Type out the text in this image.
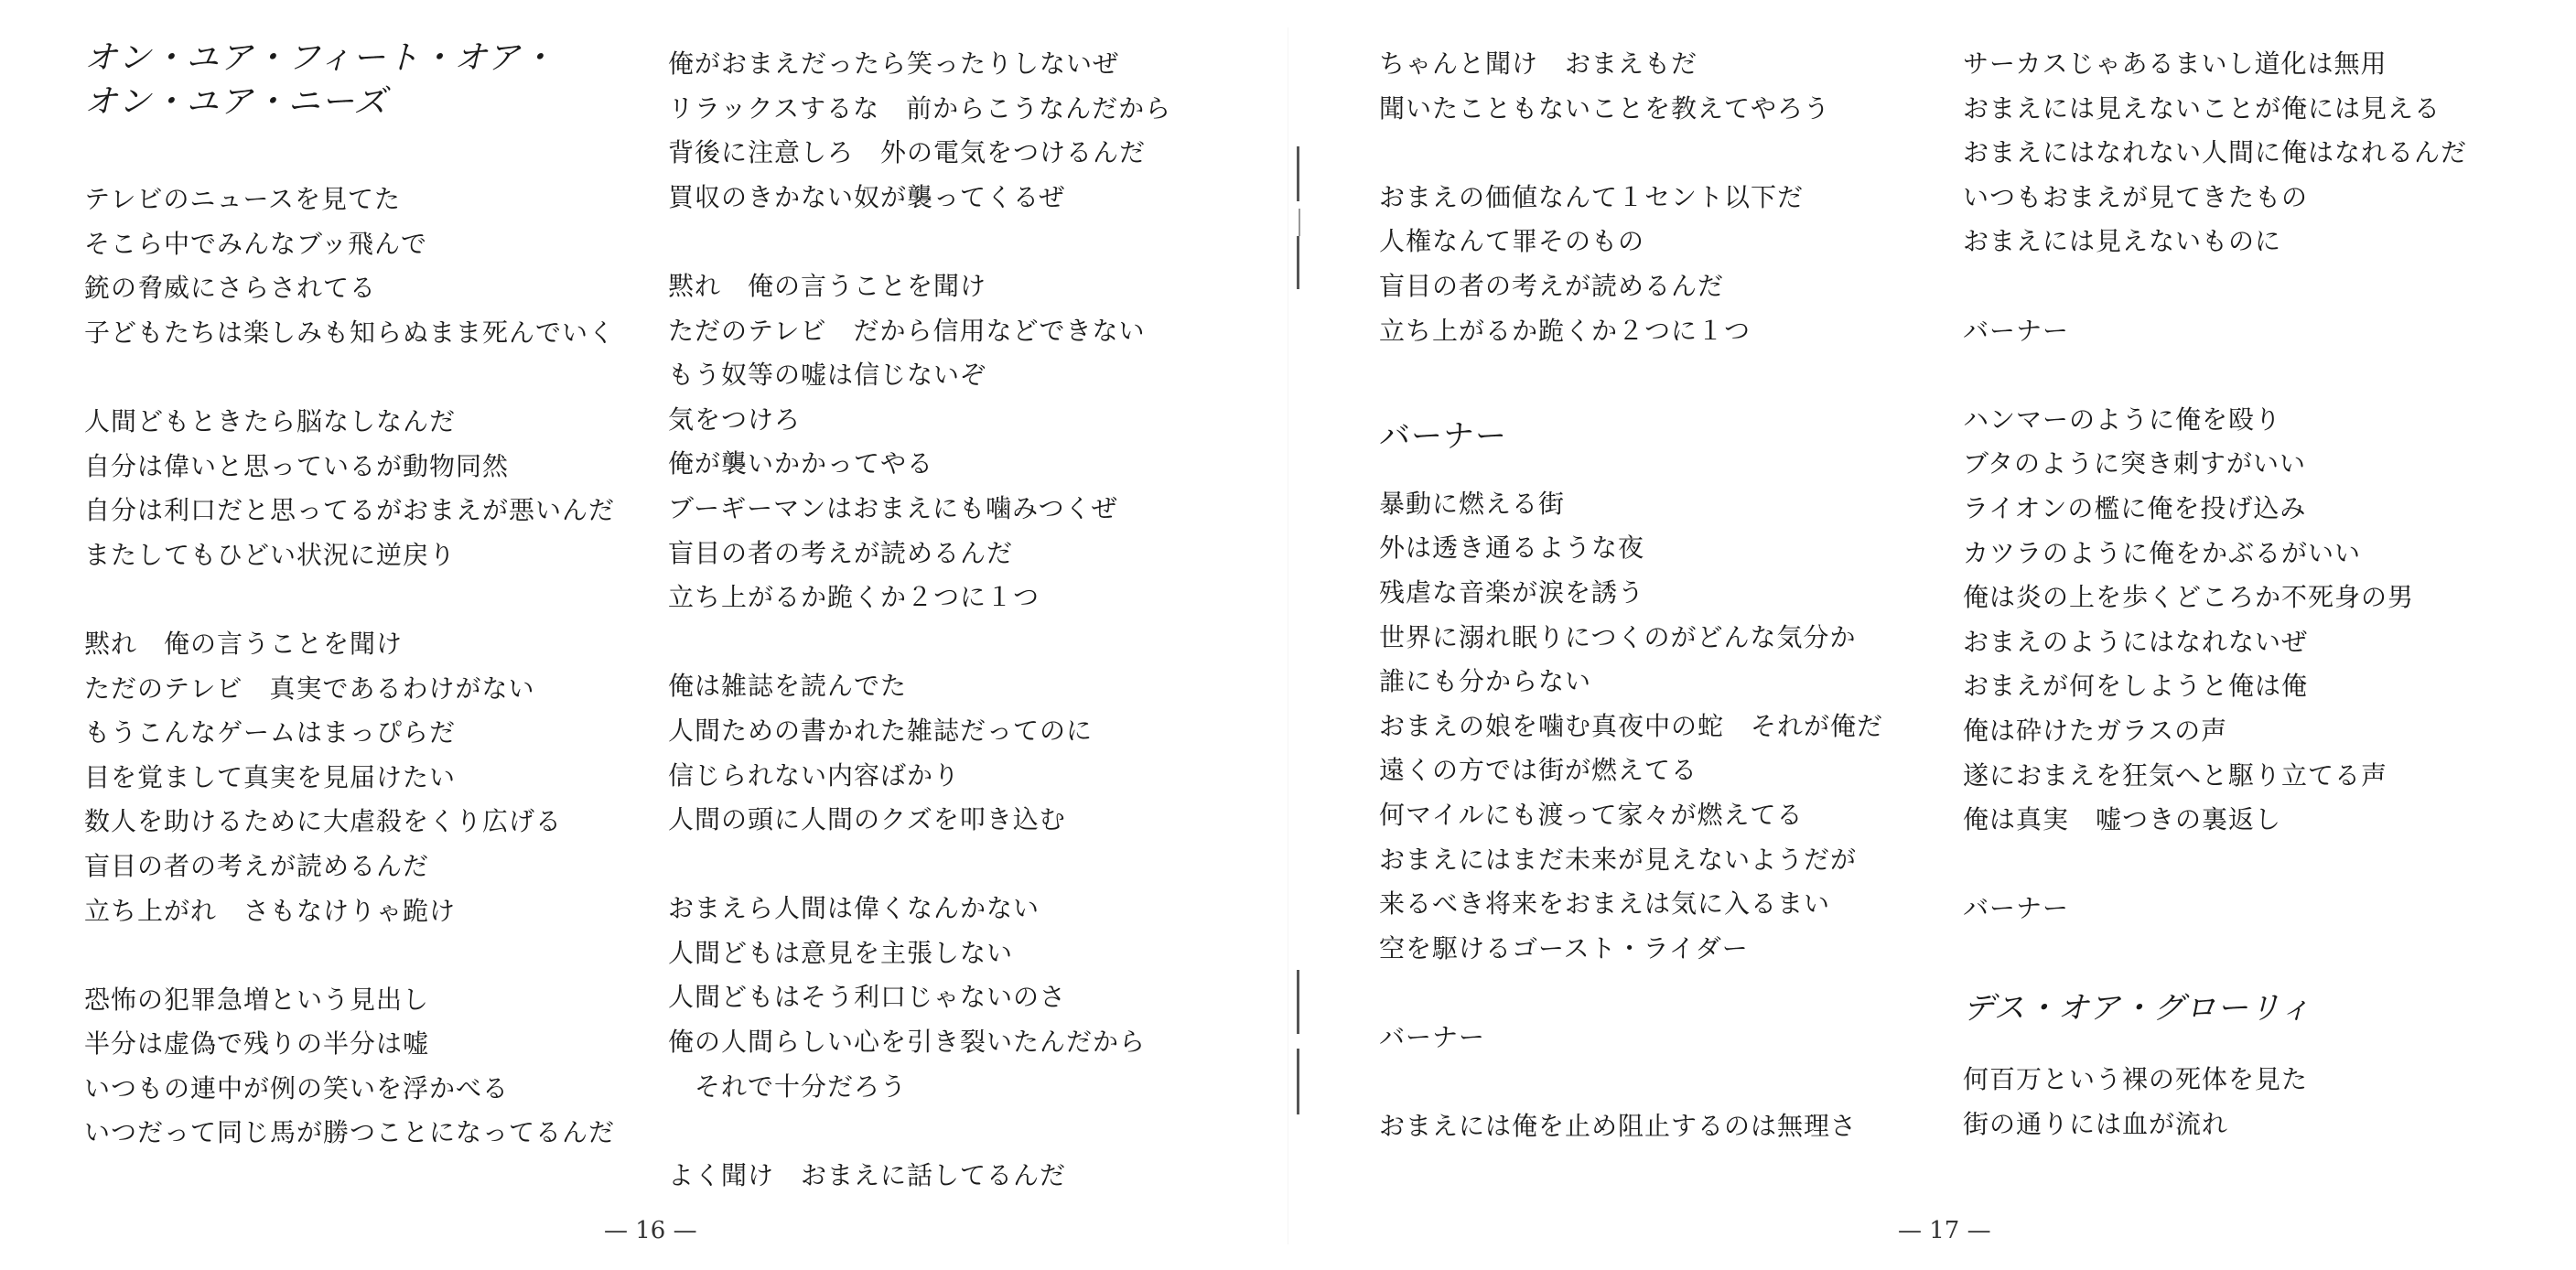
オン・ユア・フィート・オア・
オン・ユア・ニーズ
テレビのニュースを見てた
そこら中でみんなブッ飛んで
銃の脅威にさらされてる
子どもたちは楽しみも知らぬまま死んでいく
人間どもときたら脳なしなんだ
自分は偉いと思っているが動物同然
自分は利口だと思ってるがおまえが悪いんだ
またしてもひどい状況に逆戻り
黙れ　俺の言うことを聞け
ただのテレビ　真実であるわけがない
もうこんなゲームはまっぴらだ
目を覚まして真実を見届けたい
数人を助けるために大虐殺をくり広げる
盲目の者の考えが読めるんだ
立ち上がれ　さもなけりゃ跪け
恐怖の犯罪急増という見出し
半分は虚偽で残りの半分は嘘
いつもの連中が例の笑いを浮かべる
いつだって同じ馬が勝つことになってるんだ
俺がおまえだったら笑ったりしないぜ
リラックスするな　前からこうなんだから
背後に注意しろ　外の電気をつけるんだ
買収のきかない奴が襲ってくるぜ
黙れ　俺の言うことを聞け
ただのテレビ　だから信用などできない
もう奴等の嘘は信じないぞ
気をつけろ
俺が襲いかかってやる
ブーギーマンはおまえにも噛みつくぜ
盲目の者の考えが読めるんだ
立ち上がるか跪くか２つに１つ
俺は雑誌を読んでた
人間ための書かれた雑誌だってのに
信じられない内容ばかり
人間の頭に人間のクズを叩き込む
おまえら人間は偉くなんかない
人間どもは意見を主張しない
人間どもはそう利口じゃないのさ
俺の人間らしい心を引き裂いたんだから
　それで十分だろう
よく聞け　おまえに話してるんだ
— 16 —
ちゃんと聞け　おまえもだ
聞いたこともないことを教えてやろう
おまえの価値なんて１セント以下だ
人権なんて罪そのもの
盲目の者の考えが読めるんだ
立ち上がるか跪くか２つに１つ
バーナー
暴動に燃える街
外は透き通るような夜
残虐な音楽が涙を誘う
世界に溺れ眠りにつくのがどんな気分か
誰にも分からない
おまえの娘を噛む真夜中の蛇　それが俺だ
遠くの方では街が燃えてる
何マイルにも渡って家々が燃えてる
おまえにはまだ未来が見えないようだが
来るべき将来をおまえは気に入るまい
空を駆けるゴースト・ライダー
バーナー
おまえには俺を止め阻止するのは無理さ
サーカスじゃあるまいし道化は無用
おまえには見えないことが俺には見える
おまえにはなれない人間に俺はなれるんだ
いつもおまえが見てきたもの
おまえには見えないものに
バーナー
ハンマーのように俺を殴り
ブタのように突き刺すがいい
ライオンの檻に俺を投げ込み
カツラのように俺をかぶるがいい
俺は炎の上を歩くどころか不死身の男
おまえのようにはなれないぜ
おまえが何をしようと俺は俺
俺は砕けたガラスの声
遂におまえを狂気へと駆り立てる声
俺は真実　嘘つきの裏返し
バーナー
デス・オア・グローリィ
何百万という裸の死体を見た
街の通りには血が流れ
— 17 —
